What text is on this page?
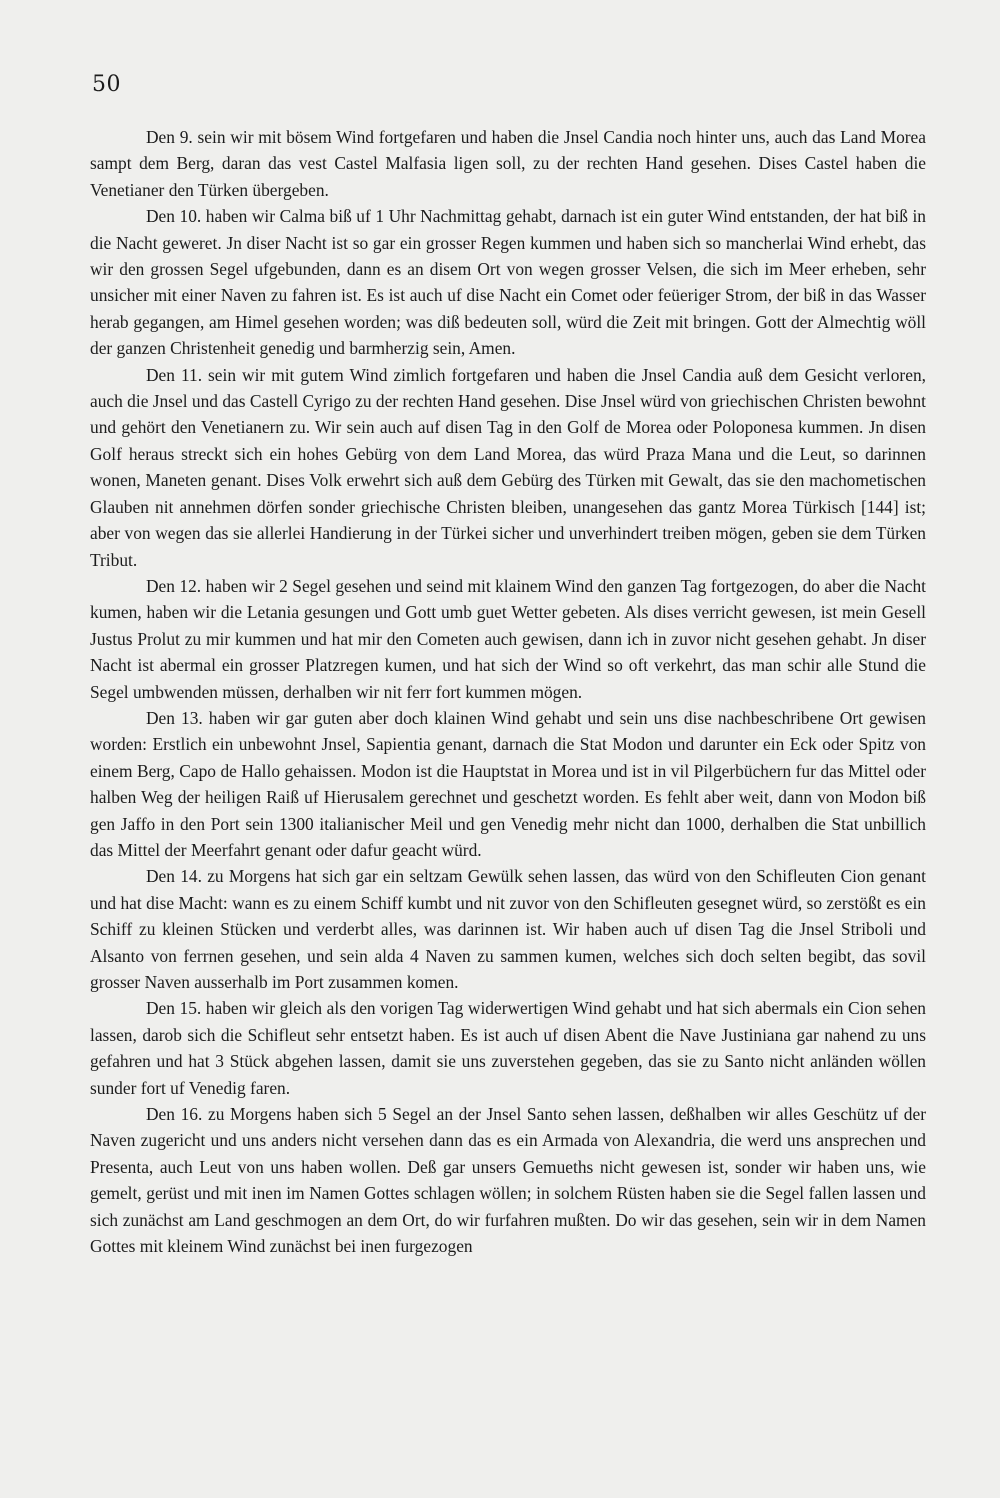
50

Den 9. sein wir mit bösem Wind fortgefaren und haben die Jnsel Candia noch hinter uns, auch das Land Morea sampt dem Berg, daran das vest Castel Malfasia ligen soll, zu der rechten Hand gesehen. Dises Castel haben die Venetianer den Türken übergeben.

Den 10. haben wir Calma biß uf 1 Uhr Nachmittag gehabt, darnach ist ein guter Wind entstanden, der hat biß in die Nacht geweret. Jn diser Nacht ist so gar ein grosser Regen kummen und haben sich so mancherlai Wind erhebt, das wir den grossen Segel ufgebunden, dann es an disem Ort von wegen grosser Velsen, die sich im Meer erheben, sehr unsicher mit einer Naven zu fahren ist. Es ist auch uf dise Nacht ein Comet oder feüeriger Strom, der biß in das Wasser herab gegangen, am Himel gesehen worden; was diß bedeuten soll, würd die Zeit mit bringen. Gott der Almechtig wöll der ganzen Christenheit genedig und barmherzig sein, Amen.

Den 11. sein wir mit gutem Wind zimlich fortgefaren und haben die Jnsel Candia auß dem Gesicht verloren, auch die Jnsel und das Castell Cyrigo zu der rechten Hand gesehen. Dise Jnsel würd von griechischen Christen bewohnt und gehört den Venetianern zu. Wir sein auch auf disen Tag in den Golf de Morea oder Poloponesa kummen. Jn disen Golf heraus streckt sich ein hohes Gebürg von dem Land Morea, das würd Praza Mana und die Leut, so darinnen wonen, Maneten genant. Dises Volk erwehrt sich auß dem Gebürg des Türken mit Gewalt, das sie den machometischen Glauben nit annehmen dörfen sonder griechische Christen bleiben, unangesehen das gantz Morea Türkisch [144] ist; aber von wegen das sie allerlei Handierung in der Türkei sicher und unverhindert treiben mögen, geben sie dem Türken Tribut.

Den 12. haben wir 2 Segel gesehen und seind mit klainem Wind den ganzen Tag fortgezogen, do aber die Nacht kumen, haben wir die Letania gesungen und Gott umb guet Wetter gebeten. Als dises verricht gewesen, ist mein Gesell Justus Prolut zu mir kummen und hat mir den Cometen auch gewisen, dann ich in zuvor nicht gesehen gehabt. Jn diser Nacht ist abermal ein grosser Platzregen kumen, und hat sich der Wind so oft verkehrt, das man schir alle Stund die Segel umbwenden müssen, derhalben wir nit ferr fort kummen mögen.

Den 13. haben wir gar guten aber doch klainen Wind gehabt und sein uns dise nachbeschribene Ort gewisen worden: Erstlich ein unbewohnt Jnsel, Sapientia genant, darnach die Stat Modon und darunter ein Eck oder Spitz von einem Berg, Capo de Hallo gehaissen. Modon ist die Hauptstat in Morea und ist in vil Pilgerbüchern fur das Mittel oder halben Weg der heiligen Raiß uf Hierusalem gerechnet und geschetzt worden. Es fehlt aber weit, dann von Modon biß gen Jaffo in den Port sein 1300 italianischer Meil und gen Venedig mehr nicht dan 1000, derhalben die Stat unbillich das Mittel der Meerfahrt genant oder dafur geacht würd.

Den 14. zu Morgens hat sich gar ein seltzam Gewülk sehen lassen, das würd von den Schifleuten Cion genant und hat dise Macht: wann es zu einem Schiff kumbt und nit zuvor von den Schifleuten gesegnet würd, so zerstößt es ein Schiff zu kleinen Stücken und verderbt alles, was darinnen ist. Wir haben auch uf disen Tag die Jnsel Striboli und Alsanto von ferrnen gesehen, und sein alda 4 Naven zu sammen kumen, welches sich doch selten begibt, das sovil grosser Naven ausserhalb im Port zusammen komen.

Den 15. haben wir gleich als den vorigen Tag widerwertigen Wind gehabt und hat sich abermals ein Cion sehen lassen, darob sich die Schifleut sehr entsetzt haben. Es ist auch uf disen Abent die Nave Justiniana gar nahend zu uns gefahren und hat 3 Stück abgehen lassen, damit sie uns zuverstehen gegeben, das sie zu Santo nicht anländen wöllen sunder fort uf Venedig faren.

Den 16. zu Morgens haben sich 5 Segel an der Jnsel Santo sehen lassen, deßhalben wir alles Geschütz uf der Naven zugericht und uns anders nicht versehen dann das es ein Armada von Alexandria, die werd uns ansprechen und Presenta, auch Leut von uns haben wollen. Deß gar unsers Gemueths nicht gewesen ist, sonder wir haben uns, wie gemelt, gerüst und mit inen im Namen Gottes schlagen wöllen; in solchem Rüsten haben sie die Segel fallen lassen und sich zunächst am Land geschmogen an dem Ort, do wir furfahren mußten. Do wir das gesehen, sein wir in dem Namen Gottes mit kleinem Wind zunächst bei inen furgezogen
